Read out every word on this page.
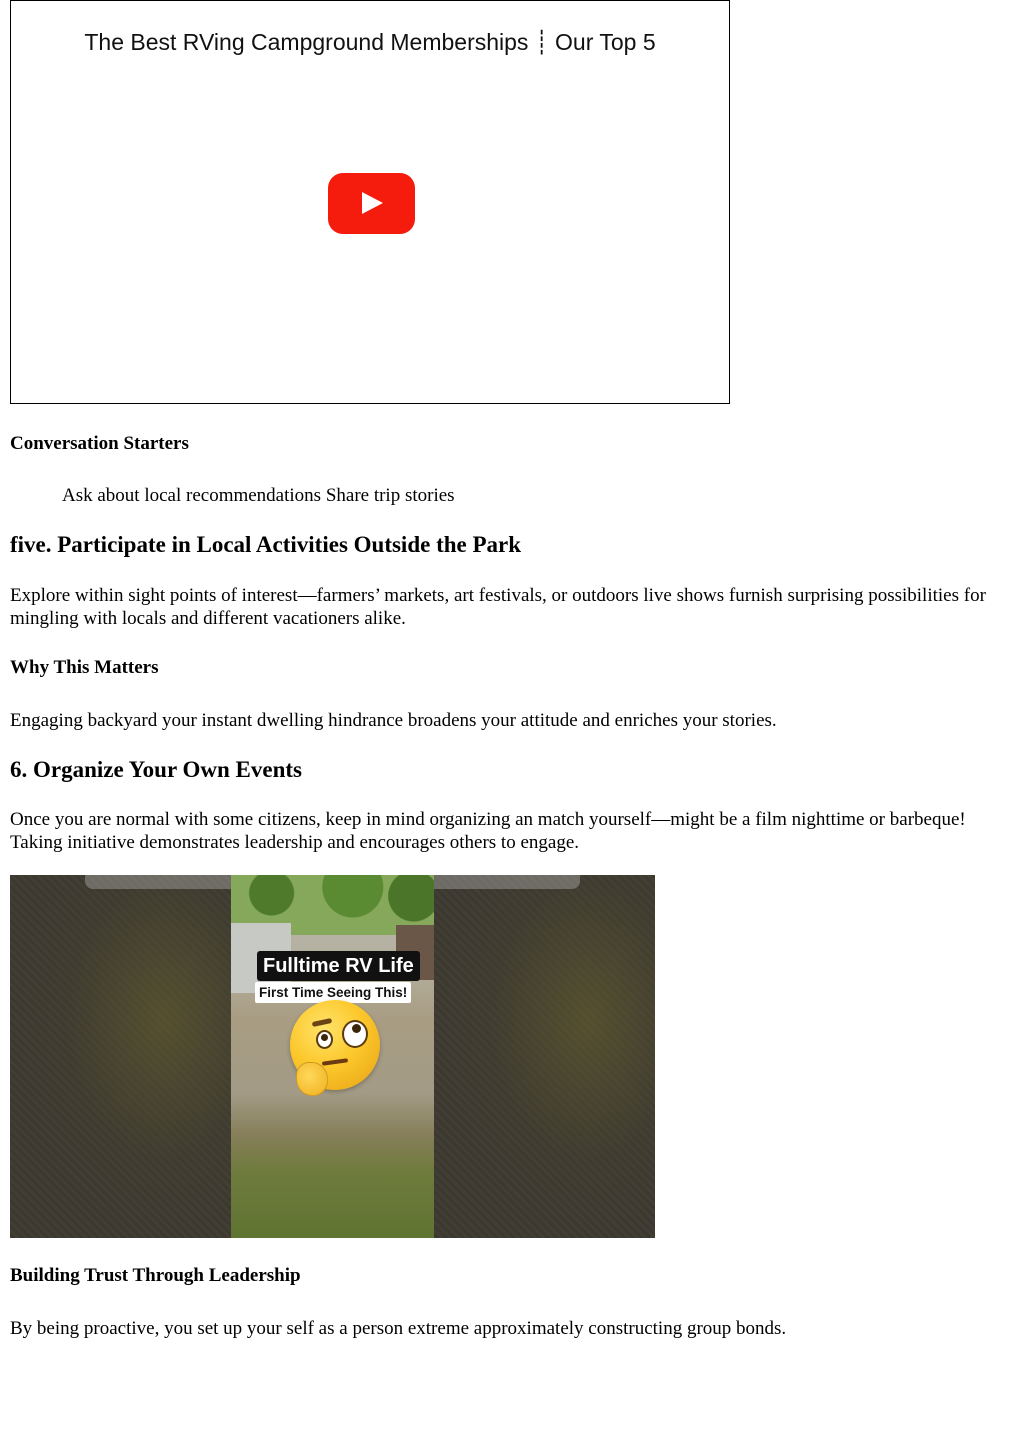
The Best RVing Campground Memberships ┊ Our Top 5

Conversation Starters

Ask about local recommendations Share trip stories

five. Participate in Local Activities Outside the Park

Explore within sight points of interest—farmers’ markets, art festivals, or outdoors live shows furnish surprising possibilities for mingling with locals and different vacationers alike.

Why This Matters

Engaging backyard your instant dwelling hindrance broadens your attitude and enriches your stories.

6. Organize Your Own Events

Once you are normal with some citizens, keep in mind organizing an match yourself—might be a film nighttime or barbeque! Taking initiative demonstrates leadership and encourages others to engage.

Fulltime RV Life
First Time Seeing This!

Building Trust Through Leadership

By being proactive, you set up your self as a person extreme approximately constructing group bonds.
